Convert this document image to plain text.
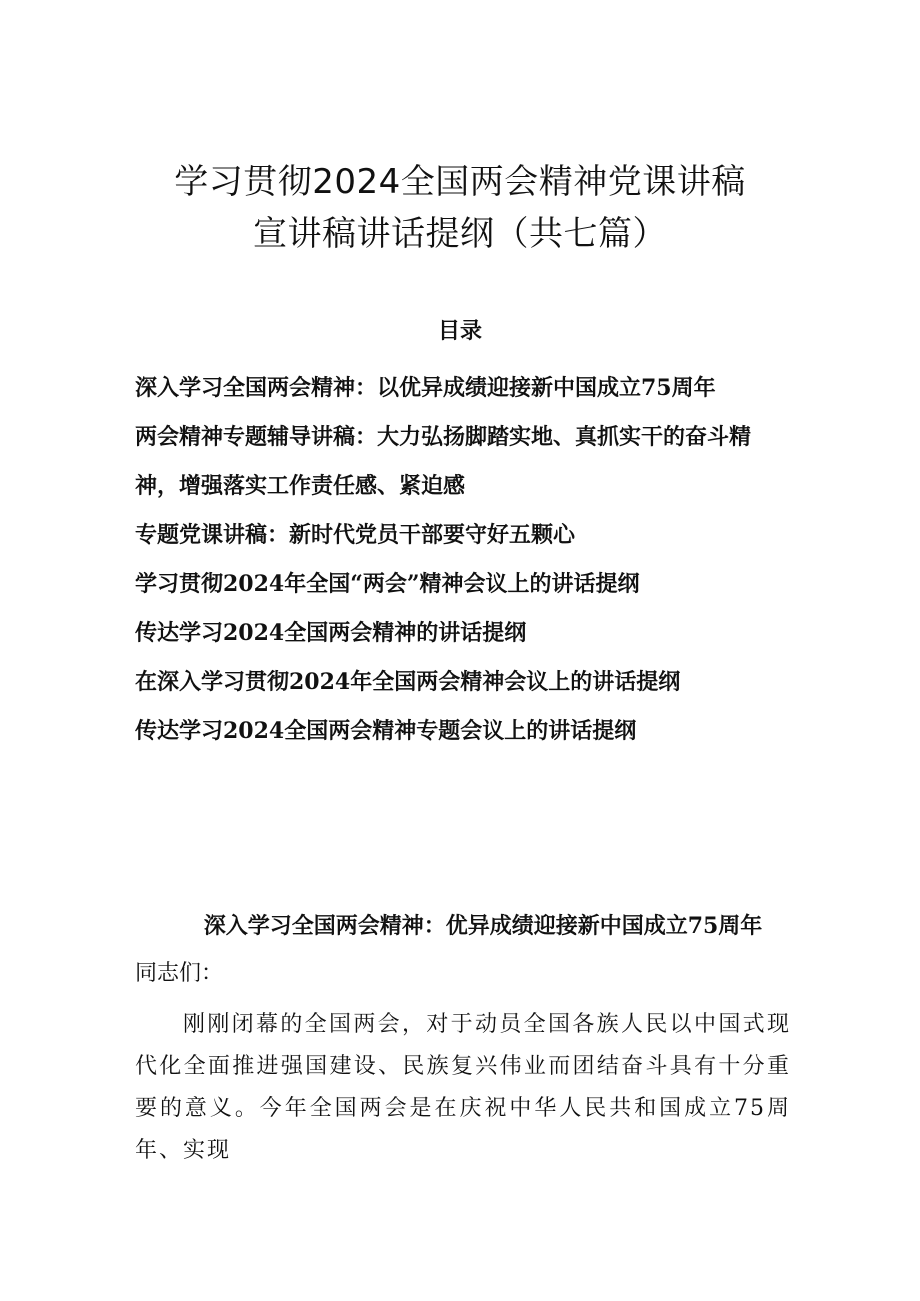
学习贯彻2024全国两会精神党课讲稿
宣讲稿讲话提纲（共七篇）
目录
深入学习全国两会精神：以优异成绩迎接新中国成立75周年
两会精神专题辅导讲稿：大力弘扬脚踏实地、真抓实干的奋斗精神，增强落实工作责任感、紧迫感
专题党课讲稿：新时代党员干部要守好五颗心
学习贯彻2024年全国“两会”精神会议上的讲话提纲
传达学习2024全国两会精神的讲话提纲
在深入学习贯彻2024年全国两会精神会议上的讲话提纲
传达学习2024全国两会精神专题会议上的讲话提纲
深入学习全国两会精神：优异成绩迎接新中国成立75周年

同志们：

刚刚闭幕的全国两会，对于动员全国各族人民以中国式现代化全面推进强国建设、民族复兴伟业而团结奋斗具有十分重要的意义。今年全国两会是在庆祝中华人民共和国成立75周年、实现
